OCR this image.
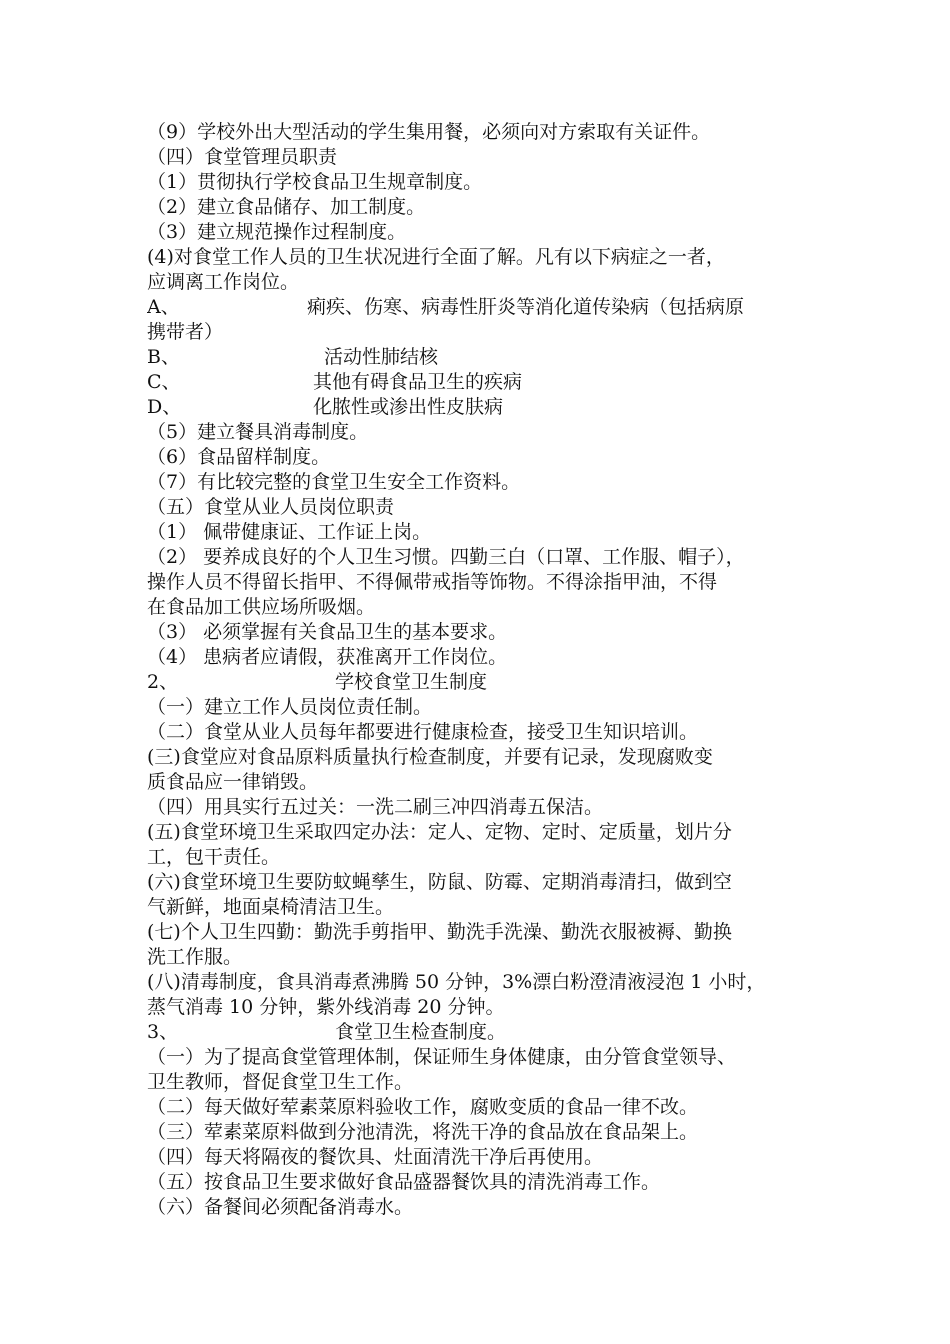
（9）学校外出大型活动的学生集用餐，必须向对方索取有关证件。
（四）食堂管理员职责
（1）贯彻执行学校食品卫生规章制度。
（2）建立食品储存、加工制度。
（3）建立规范操作过程制度。
(4)对食堂工作人员的卫生状况进行全面了解。凡有以下病症之一者，
应调离工作岗位。
A、	痢疾、伤寒、病毒性肝炎等消化道传染病（包括病原
携带者）
B、	活动性肺结核
C、	其他有碍食品卫生的疾病
D、	化脓性或渗出性皮肤病
（5）建立餐具消毒制度。
（6）食品留样制度。
（7）有比较完整的食堂卫生安全工作资料。
（五）食堂从业人员岗位职责
（1） 佩带健康证、工作证上岗。
（2） 要养成良好的个人卫生习惯。四勤三白（口罩、工作服、帽子），
操作人员不得留长指甲、不得佩带戒指等饰物。不得涂指甲油，不得
在食品加工供应场所吸烟。
（3） 必须掌握有关食品卫生的基本要求。
（4） 患病者应请假，获准离开工作岗位。
2、	学校食堂卫生制度
（一）建立工作人员岗位责任制。
（二）食堂从业人员每年都要进行健康检查，接受卫生知识培训。
(三)食堂应对食品原料质量执行检查制度，并要有记录，发现腐败变
质食品应一律销毁。
（四）用具实行五过关：一洗二刷三冲四消毒五保洁。
(五)食堂环境卫生采取四定办法：定人、定物、定时、定质量，划片分
工，包干责任。
(六)食堂环境卫生要防蚊蝇孳生，防鼠、防霉、定期消毒清扫，做到空
气新鲜，地面桌椅清洁卫生。
(七)个人卫生四勤：勤洗手剪指甲、勤洗手洗澡、勤洗衣服被褥、勤换
洗工作服。
(八)清毒制度，食具消毒煮沸腾 50 分钟，3%漂白粉澄清液浸泡 1 小时，
蒸气消毒 10 分钟，紫外线消毒 20 分钟。
3、	食堂卫生检查制度。
（一）为了提高食堂管理体制，保证师生身体健康，由分管食堂领导、
卫生教师，督促食堂卫生工作。
（二）每天做好荤素菜原料验收工作，腐败变质的食品一律不改。
（三）荤素菜原料做到分池清洗，将洗干净的食品放在食品架上。
（四）每天将隔夜的餐饮具、灶面清洗干净后再使用。
（五）按食品卫生要求做好食品盛器餐饮具的清洗消毒工作。
（六）备餐间必须配备消毒水。
